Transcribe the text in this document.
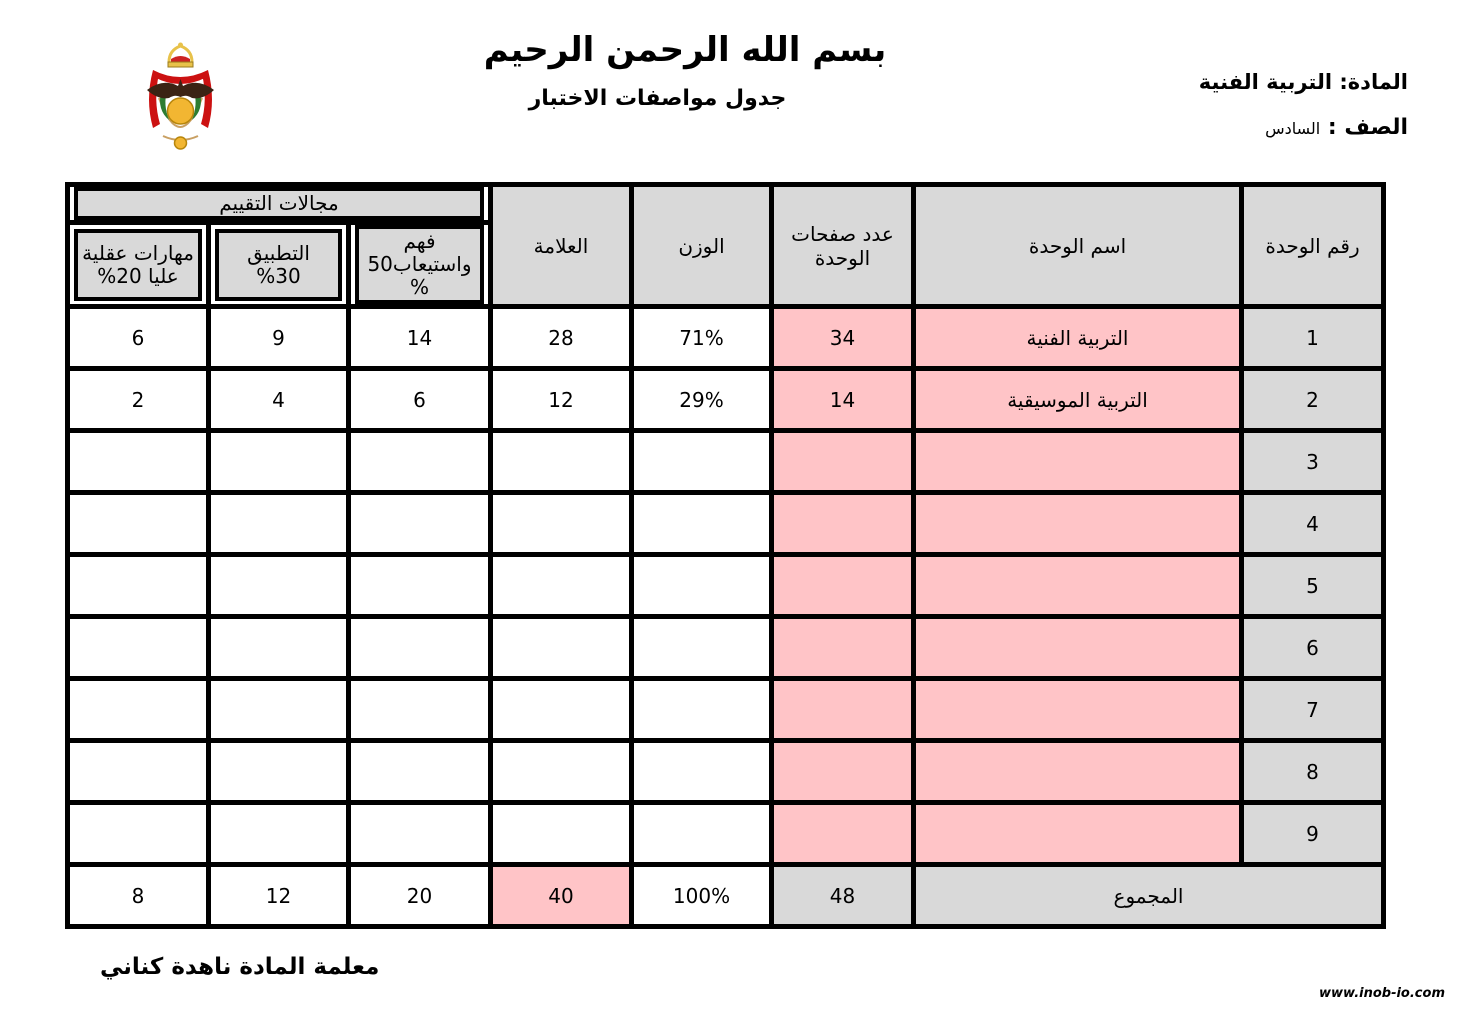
بسم الله الرحمن الرحيم
جدول مواصفات الاختبار
المادة: التربية الفنية
الصف : السادس
رقم الوحدة	اسم الوحدة	عدد صفحات الوحدة	الوزن	العلامة	مجالات التقييم		

فهم واستيعاب50 %	التطبيق 30%	مهارات عقلية عليا 20%

1	التربية الفنية	34	71%	28	14	9	6
2	التربية الموسيقية	14	29%	12	6	4	2
3							
4							
5							
6							
7							
8							
9							
المجموع		48	100%	40	20	12	8
معلمة المادة ناهدة كناني
www.inob-io.com
